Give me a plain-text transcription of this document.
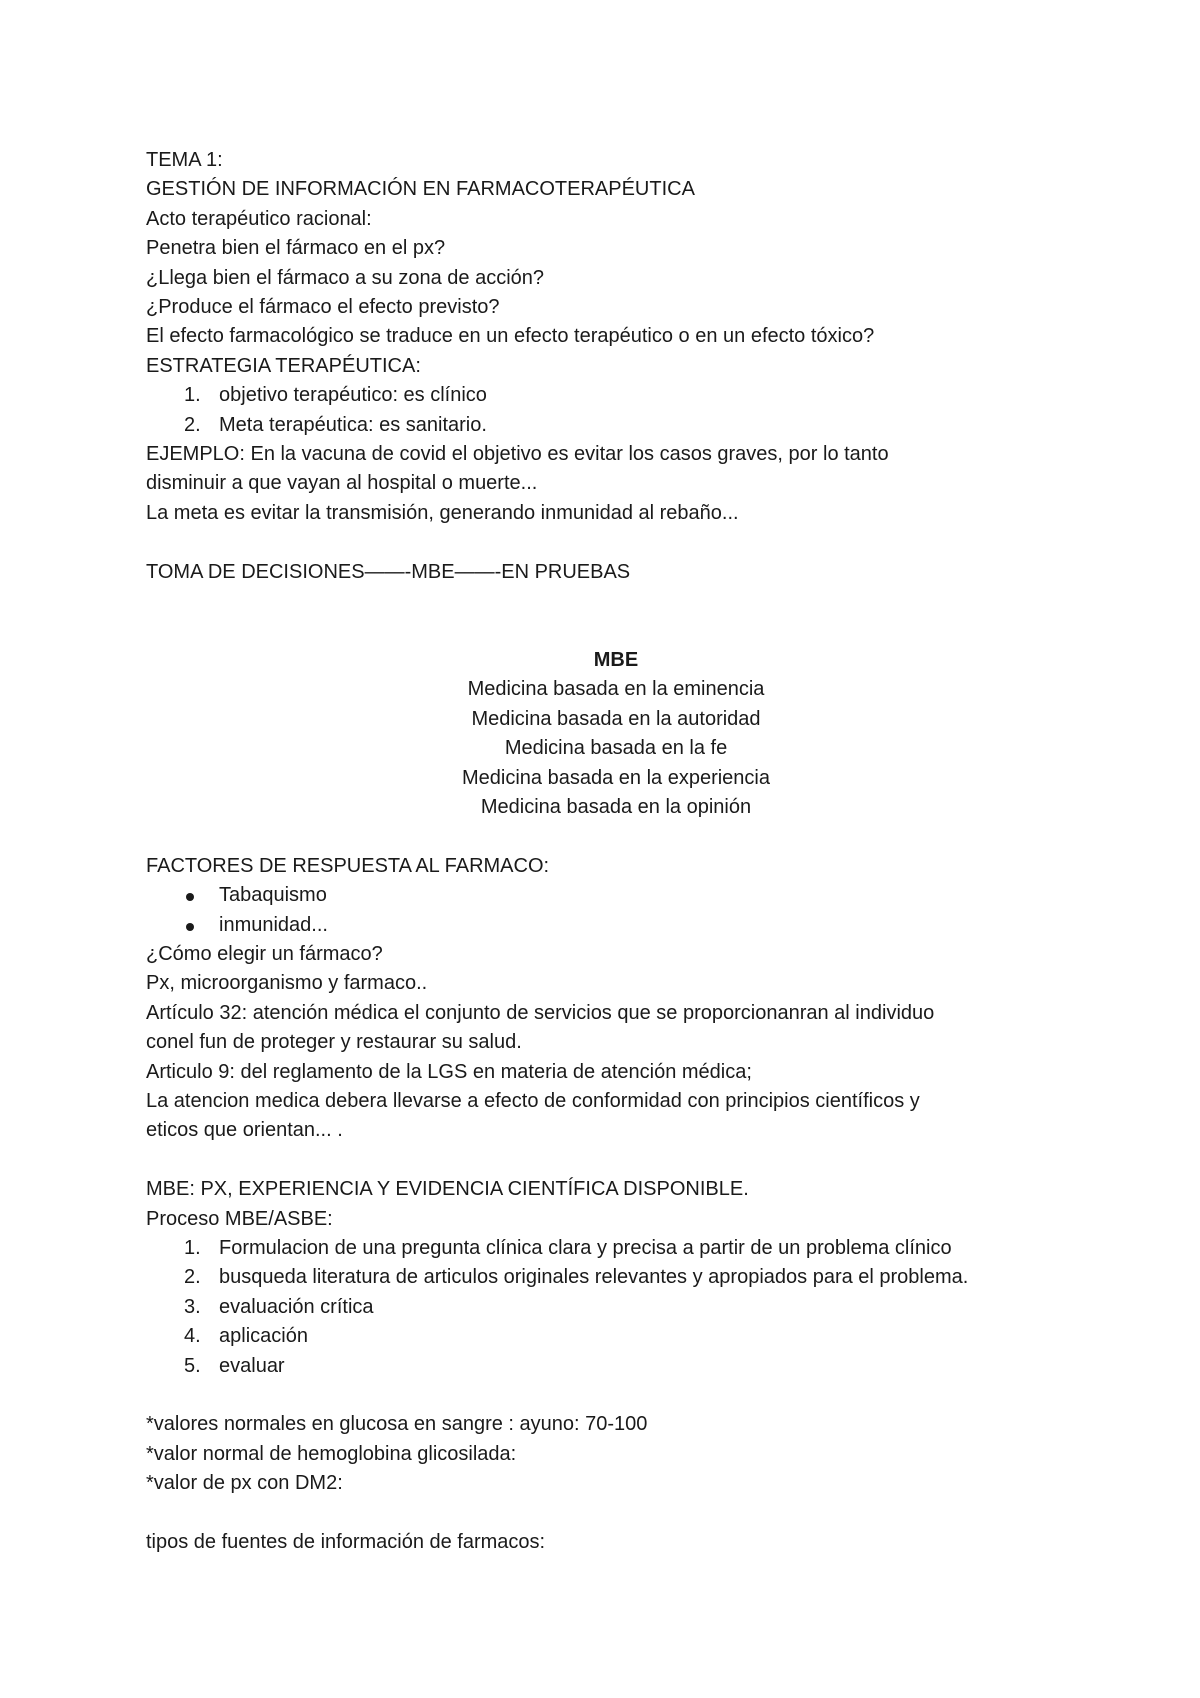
TEMA 1:
GESTIÓN DE INFORMACIÓN EN FARMACOTERAPÉUTICA
Acto terapéutico racional:
Penetra bien el fármaco en el px?
¿Llega bien el fármaco a su zona de acción?
¿Produce el fármaco el efecto previsto?
El efecto farmacológico se traduce en un efecto terapéutico o en un efecto tóxico?
ESTRATEGIA TERAPÉUTICA:
1. objetivo terapéutico: es clínico
2. Meta terapéutica: es sanitario.
EJEMPLO: En la vacuna de covid el objetivo es evitar los casos graves, por lo tanto
disminuir a que vayan al hospital o muerte...
La meta es evitar la transmisión, generando inmunidad al rebaño...
TOMA DE DECISIONES——-MBE——-EN PRUEBAS
MBE
Medicina basada en la eminencia
Medicina basada en la autoridad
Medicina basada en la fe
Medicina basada en la experiencia
Medicina basada en la opinión
FACTORES DE RESPUESTA AL FARMACO:
Tabaquismo
inmunidad...
¿Cómo elegir un fármaco?
Px, microorganismo y farmaco..
Artículo 32: atención médica el conjunto de servicios que se proporcionanran al individuo
conel fun de proteger y restaurar su salud.
Articulo 9: del reglamento de la LGS en materia de atención médica;
La atencion medica debera llevarse a efecto de conformidad con principios científicos y
eticos que orientan... .
MBE: PX, EXPERIENCIA Y EVIDENCIA CIENTÍFICA DISPONIBLE.
Proceso MBE/ASBE:
1. Formulacion de una pregunta clínica clara y precisa a partir de un problema clínico
2. busqueda literatura de articulos originales relevantes y apropiados para el problema.
3. evaluación crítica
4. aplicación
5. evaluar
*valores normales en glucosa en sangre : ayuno: 70-100
*valor normal de hemoglobina glicosilada:
*valor de px con DM2:
tipos de fuentes de información de farmacos:
